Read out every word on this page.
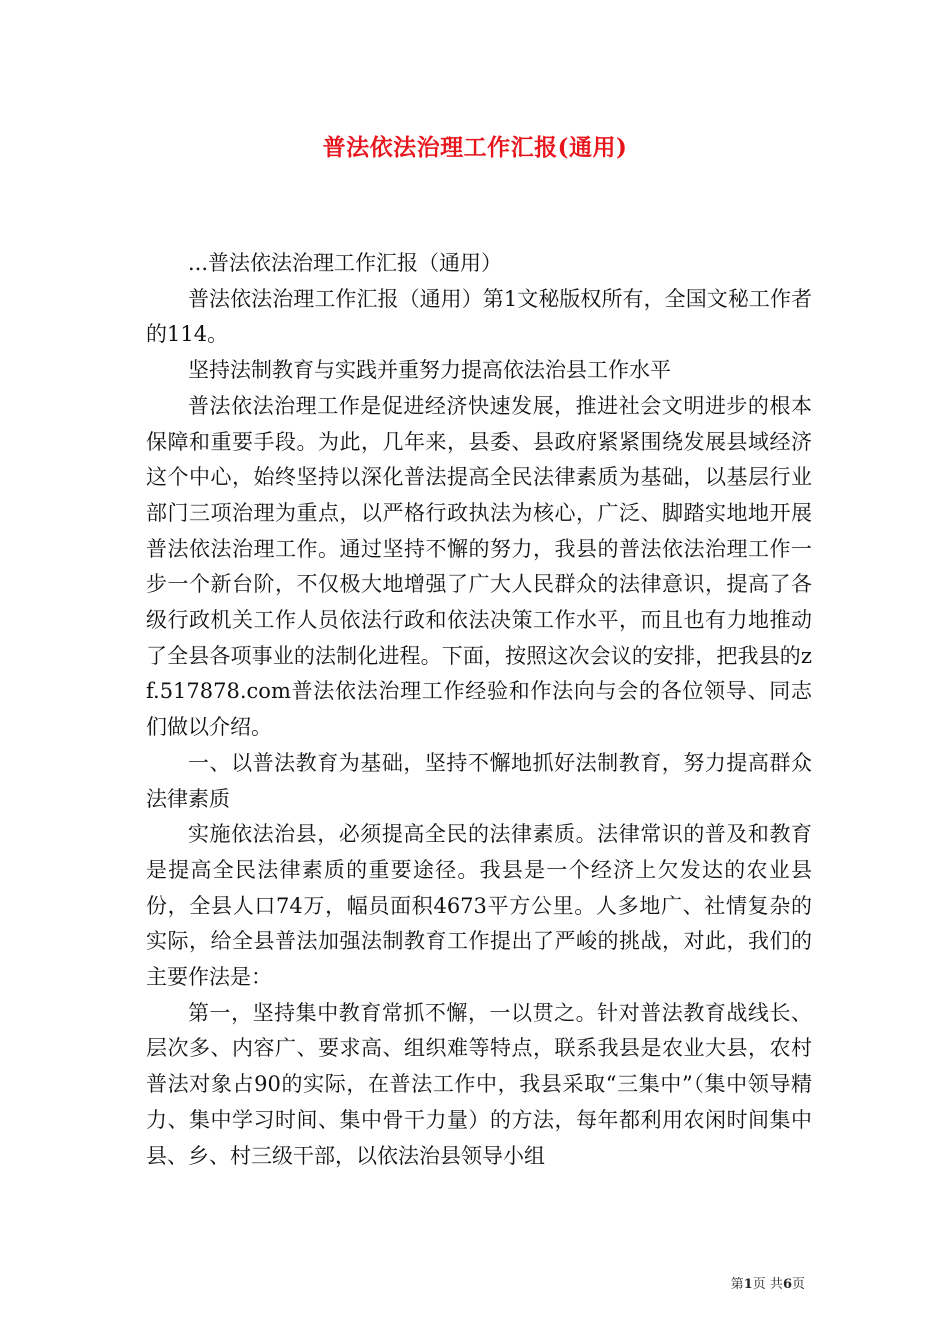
普法依法治理工作汇报(通用)

...普法依法治理工作汇报（通用）

普法依法治理工作汇报（通用）第1文秘版权所有，全国文秘工作者的114。

坚持法制教育与实践并重努力提高依法治县工作水平

普法依法治理工作是促进经济快速发展，推进社会文明进步的根本保障和重要手段。为此，几年来，县委、县政府紧紧围绕发展县域经济这个中心，始终坚持以深化普法提高全民法律素质为基础，以基层行业部门三项治理为重点，以严格行政执法为核心，广泛、脚踏实地地开展普法依法治理工作。通过坚持不懈的努力，我县的普法依法治理工作一步一个新台阶，不仅极大地增强了广大人民群众的法律意识，提高了各级行政机关工作人员依法行政和依法决策工作水平，而且也有力地推动了全县各项事业的法制化进程。下面，按照这次会议的安排，把我县的zf.517878.com普法依法治理工作经验和作法向与会的各位领导、同志们做以介绍。

一、以普法教育为基础，坚持不懈地抓好法制教育，努力提高群众法律素质

实施依法治县，必须提高全民的法律素质。法律常识的普及和教育是提高全民法律素质的重要途径。我县是一个经济上欠发达的农业县份，全县人口74万，幅员面积4673平方公里。人多地广、社情复杂的实际，给全县普法加强法制教育工作提出了严峻的挑战，对此，我们的主要作法是：

第一，坚持集中教育常抓不懈，一以贯之。针对普法教育战线长、层次多、内容广、要求高、组织难等特点，联系我县是农业大县，农村普法对象占90的实际，在普法工作中，我县采取“三集中”（集中领导精力、集中学习时间、集中骨干力量）的方法，每年都利用农闲时间集中县、乡、村三级干部，以依法治县领导小组

第1页 共6页
